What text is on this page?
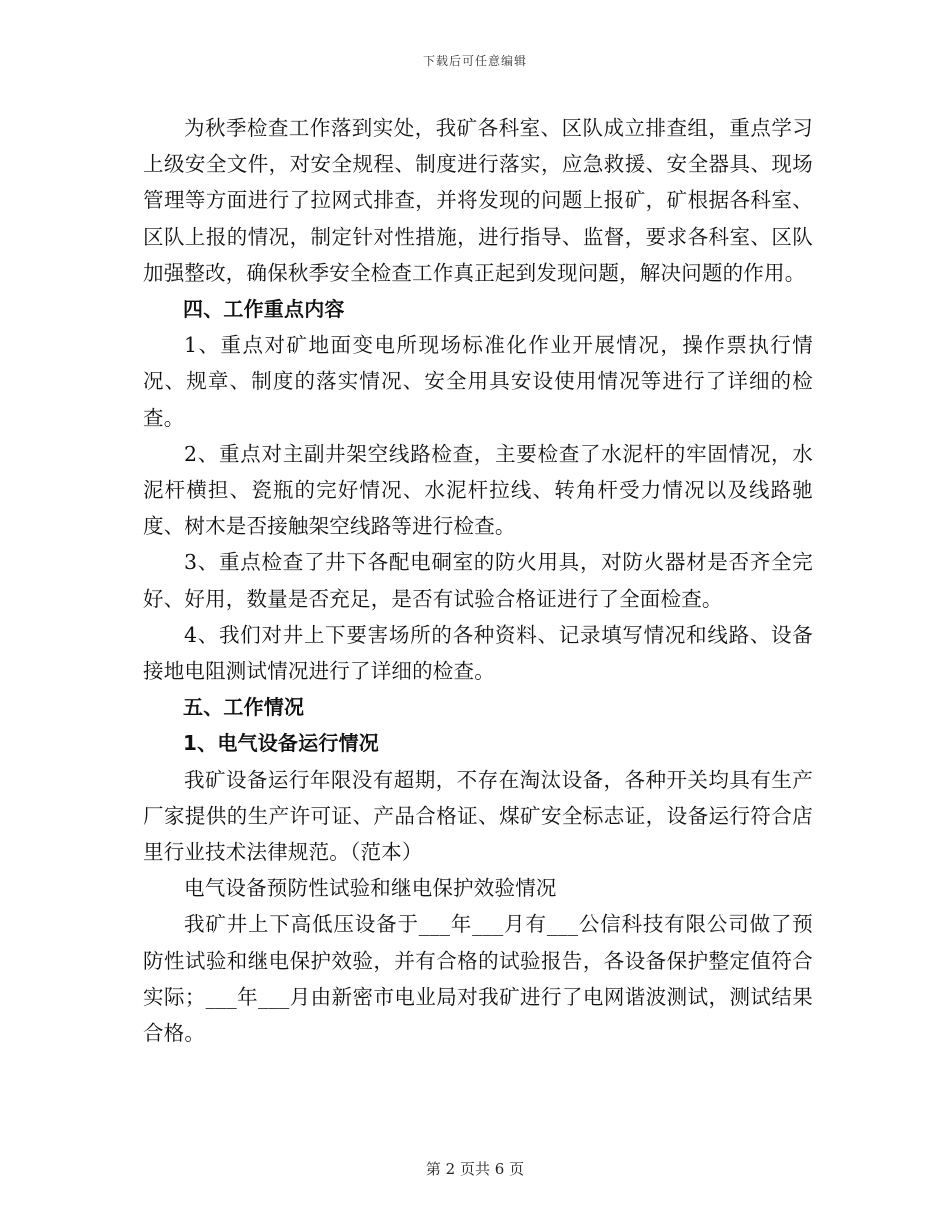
下载后可任意编辑

为秋季检查工作落到实处，我矿各科室、区队成立排查组，重点学习上级安全文件，对安全规程、制度进行落实，应急救援、安全器具、现场管理等方面进行了拉网式排查，并将发现的问题上报矿，矿根据各科室、区队上报的情况，制定针对性措施，进行指导、监督，要求各科室、区队加强整改，确保秋季安全检查工作真正起到发现问题，解决问题的作用。

四、工作重点内容

1、重点对矿地面变电所现场标准化作业开展情况，操作票执行情况、规章、制度的落实情况、安全用具安设使用情况等进行了详细的检查。

2、重点对主副井架空线路检查，主要检查了水泥杆的牢固情况，水泥杆横担、瓷瓶的完好情况、水泥杆拉线、转角杆受力情况以及线路驰度、树木是否接触架空线路等进行检查。

3、重点检查了井下各配电硐室的防火用具，对防火器材是否齐全完好、好用，数量是否充足，是否有试验合格证进行了全面检查。

4、我们对井上下要害场所的各种资料、记录填写情况和线路、设备接地电阻测试情况进行了详细的检查。

五、工作情况

1、电气设备运行情况

我矿设备运行年限没有超期，不存在淘汰设备，各种开关均具有生产厂家提供的生产许可证、产品合格证、煤矿安全标志证，设备运行符合店里行业技术法律规范。（范本）

电气设备预防性试验和继电保护效验情况

我矿井上下高低压设备于___年___月有___公信科技有限公司做了预防性试验和继电保护效验，并有合格的试验报告，各设备保护整定值符合实际；___年___月由新密市电业局对我矿进行了电网谐波测试，测试结果合格。

第 2 页共 6 页
